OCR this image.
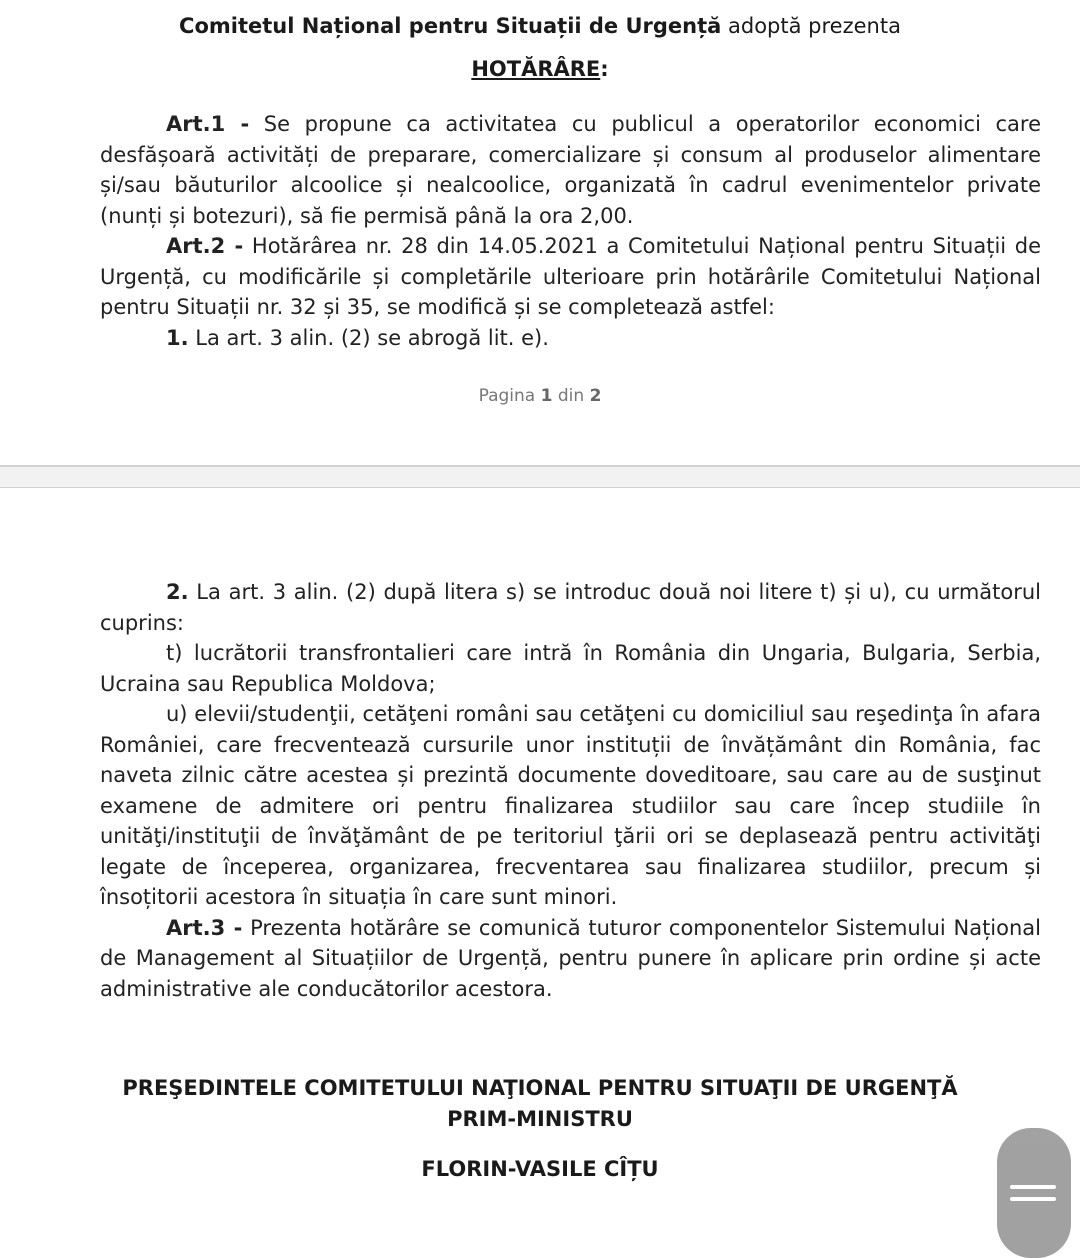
Comitetul Național pentru Situații de Urgență adoptă prezenta
HOTĂRÂRE:

Art.1 - Se propune ca activitatea cu publicul a operatorilor economici care desfășoară activități de preparare, comercializare și consum al produselor alimentare și/sau băuturilor alcoolice și nealcoolice, organizată în cadrul evenimentelor private (nunți și botezuri), să fie permisă până la ora 2,00.

Art.2 - Hotărârea nr. 28 din 14.05.2021 a Comitetului Național pentru Situații de Urgență, cu modificările și completările ulterioare prin hotărârile Comitetului Național pentru Situații nr. 32 și 35, se modifică și se completează astfel:

1. La art. 3 alin. (2) se abrogă lit. e).

Pagina 1 din 2

2. La art. 3 alin. (2) după litera s) se introduc două noi litere t) și u), cu următorul cuprins:

t) lucrătorii transfrontalieri care intră în România din Ungaria, Bulgaria, Serbia, Ucraina sau Republica Moldova;

u) elevii/studenţii, cetăţeni români sau cetăţeni cu domiciliul sau reşedinţa în afara României, care frecventează cursurile unor instituții de învățământ din România, fac naveta zilnic către acestea și prezintă documente doveditoare, sau care au de susţinut examene de admitere ori pentru finalizarea studiilor sau care încep studiile în unităţi/instituţii de învăţământ de pe teritoriul ţării ori se deplasează pentru activităţi legate de începerea, organizarea, frecventarea sau finalizarea studiilor, precum și însoțitorii acestora în situația în care sunt minori.

Art.3 - Prezenta hotărâre se comunică tuturor componentelor Sistemului Național de Management al Situațiilor de Urgență, pentru punere în aplicare prin ordine și acte administrative ale conducătorilor acestora.

PREŞEDINTELE COMITETULUI NAŢIONAL PENTRU SITUAŢII DE URGENŢĂ
PRIM-MINISTRU
FLORIN-VASILE CÎȚU
